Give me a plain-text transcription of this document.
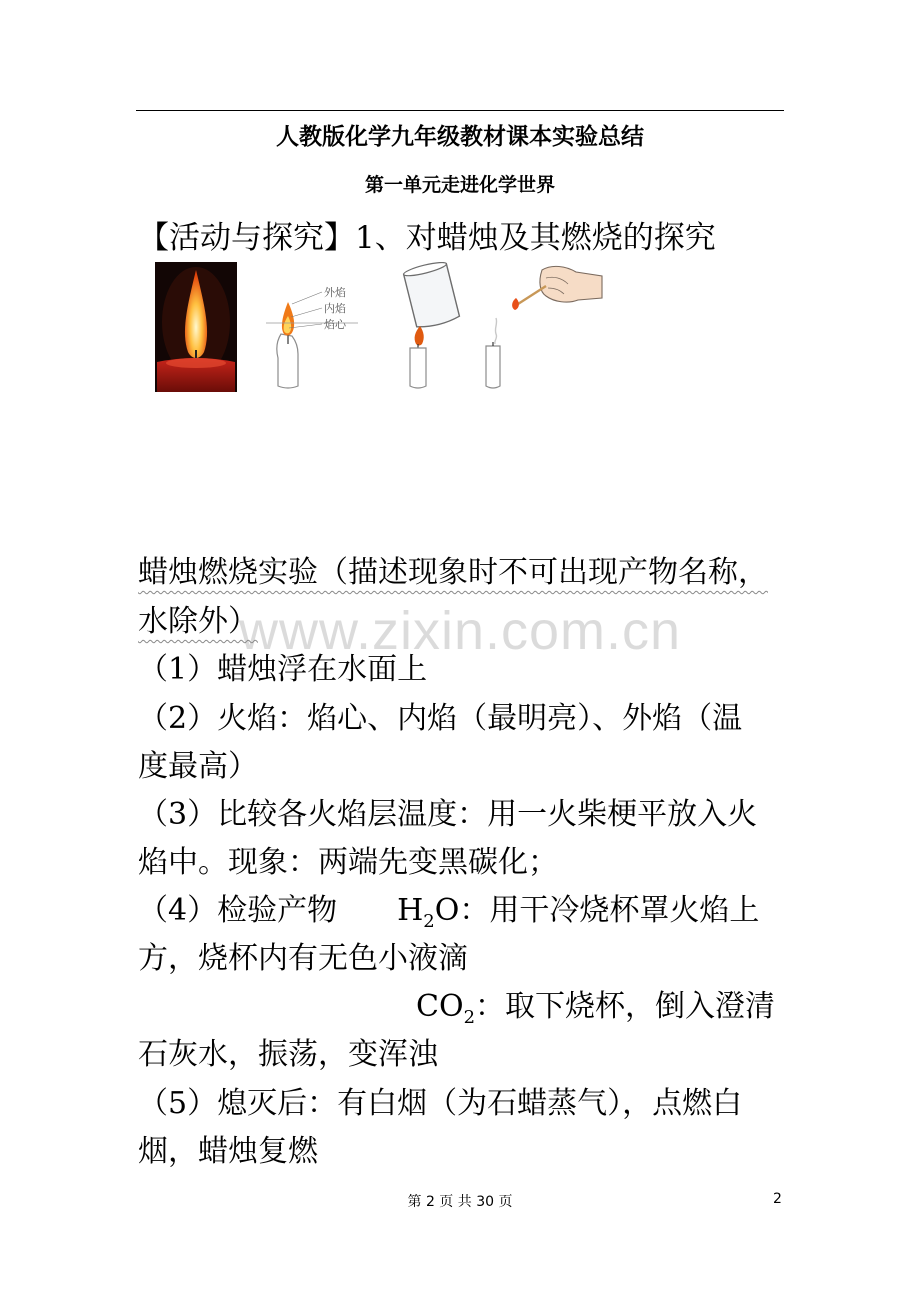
人教版化学九年级教材课本实验总结
第一单元走进化学世界
【活动与探究】1、对蜡烛及其燃烧的探究
外焰
内焰
焰心
www.zixin.com.cn
蜡烛燃烧实验（描述现象时不可出现产物名称，
水除外）
（1）蜡烛浮在水面上
（2）火焰：焰心、内焰（最明亮）、外焰（温
度最高）
（3）比较各火焰层温度：用一火柴梗平放入火
焰中。现象：两端先变黑碳化；
（4）检验产物 $H_2O$：用干冷烧杯罩火焰上
方，烧杯内有无色小液滴
$CO_2$：取下烧杯，倒入澄清
石灰水，振荡，变浑浊
（5）熄灭后：有白烟（为石蜡蒸气），点燃白
烟，蜡烛复燃
第 2 页 共 30 页	2
